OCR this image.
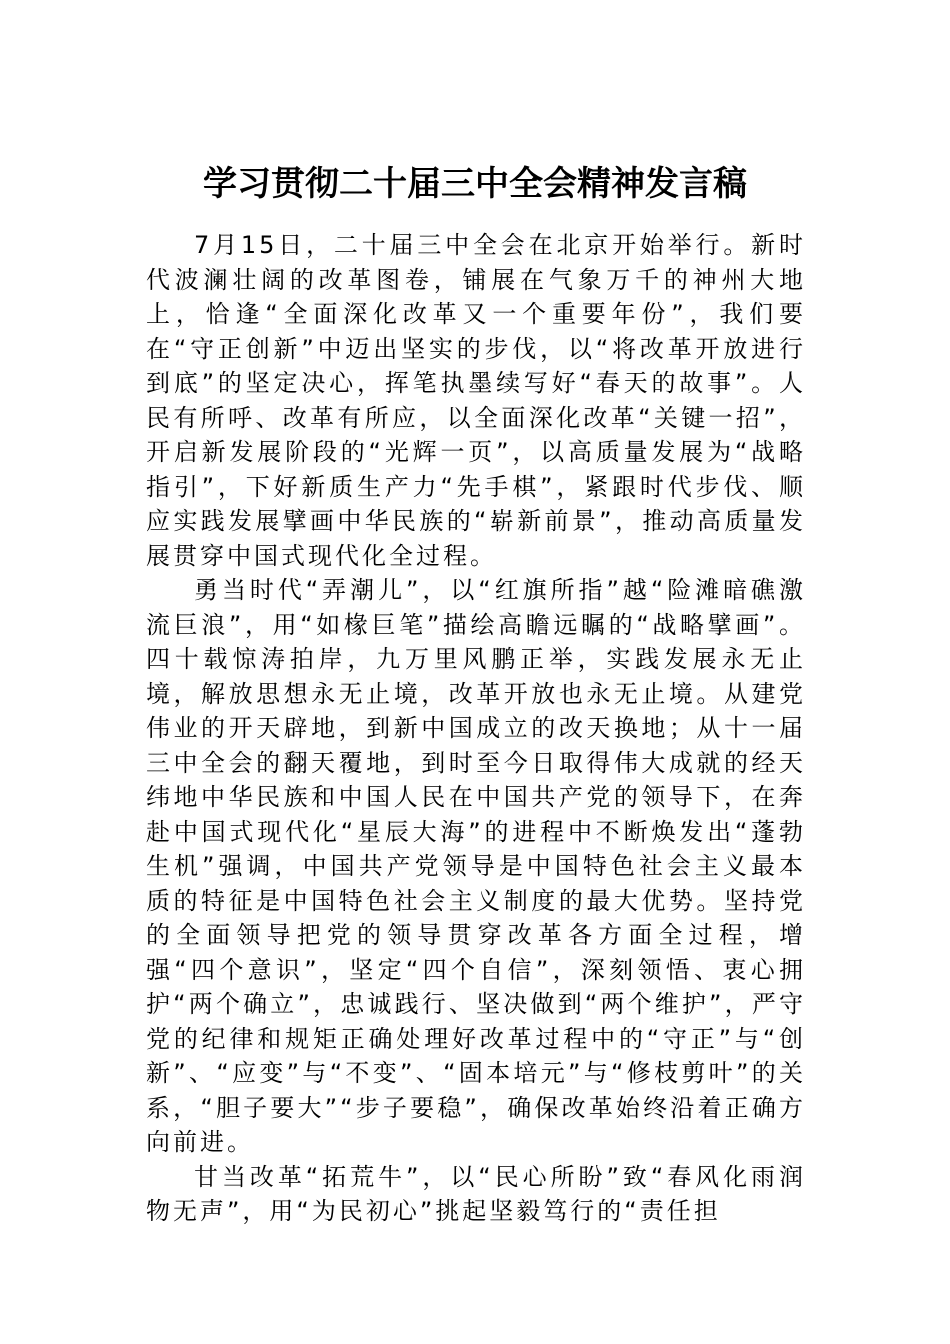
学习贯彻二十届三中全会精神发言稿

7月15日，二十届三中全会在北京开始举行。新时代波澜壮阔的改革图卷，铺展在气象万千的神州大地上，恰逢“全面深化改革又一个重要年份”，我们要在“守正创新”中迈出坚实的步伐，以“将改革开放进行到底”的坚定决心，挥笔执墨续写好“春天的故事”。人民有所呼、改革有所应，以全面深化改革“关键一招”，开启新发展阶段的“光辉一页”，以高质量发展为“战略指引”，下好新质生产力“先手棋”，紧跟时代步伐、顺应实践发展擘画中华民族的“崭新前景”，推动高质量发展贯穿中国式现代化全过程。

勇当时代“弄潮儿”，以“红旗所指”越“险滩暗礁激流巨浪”，用“如椽巨笔”描绘高瞻远瞩的“战略擘画”。四十载惊涛拍岸，九万里风鹏正举，实践发展永无止境，解放思想永无止境，改革开放也永无止境。从建党伟业的开天辟地，到新中国成立的改天换地；从十一届三中全会的翻天覆地，到时至今日取得伟大成就的经天纬地中华民族和中国人民在中国共产党的领导下，在奔赴中国式现代化“星辰大海”的进程中不断焕发出“蓬勃生机”强调，中国共产党领导是中国特色社会主义最本质的特征是中国特色社会主义制度的最大优势。坚持党的全面领导把党的领导贯穿改革各方面全过程，增强“四个意识”，坚定“四个自信”，深刻领悟、衷心拥护“两个确立”，忠诚践行、坚决做到“两个维护”，严守党的纪律和规矩正确处理好改革过程中的“守正”与“创新”、“应变”与“不变”、“固本培元”与“修枝剪叶”的关系，“胆子要大”“步子要稳”，确保改革始终沿着正确方向前进。

甘当改革“拓荒牛”，以“民心所盼”致“春风化雨润物无声”，用“为民初心”挑起坚毅笃行的“责任担
